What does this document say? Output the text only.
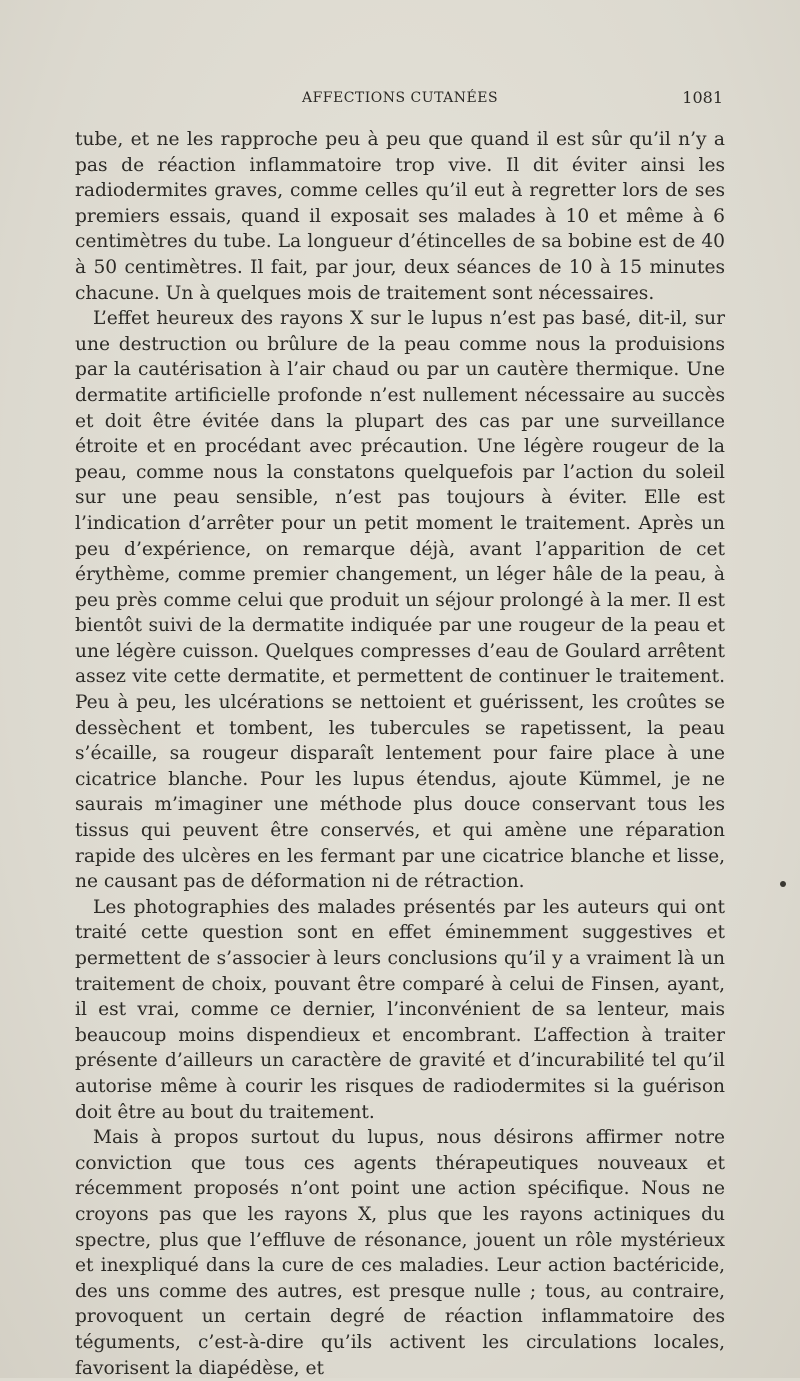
AFFECTIONS CUTANÉES	1081

tube, et ne les rapproche peu à peu que quand il est sûr qu’il n’y a pas de réaction inflammatoire trop vive. Il dit éviter ainsi les radiodermites graves, comme celles qu’il eut à regretter lors de ses premiers essais, quand il exposait ses malades à 10 et même à 6 centimètres du tube. La longueur d’étincelles de sa bobine est de 40 à 50 centimètres. Il fait, par jour, deux séances de 10 à 15 minutes chacune. Un à quelques mois de traitement sont nécessaires.

L’effet heureux des rayons X sur le lupus n’est pas basé, dit-il, sur une destruction ou brûlure de la peau comme nous la produisions par la cautérisation à l’air chaud ou par un cautère thermique. Une dermatite artificielle profonde n’est nullement nécessaire au succès et doit être évitée dans la plupart des cas par une surveillance étroite et en procédant avec précaution. Une légère rougeur de la peau, comme nous la constatons quelquefois par l’action du soleil sur une peau sensible, n’est pas toujours à éviter. Elle est l’indication d’arrêter pour un petit moment le traitement. Après un peu d’expérience, on remarque déjà, avant l’apparition de cet érythème, comme premier changement, un léger hâle de la peau, à peu près comme celui que produit un séjour prolongé à la mer. Il est bientôt suivi de la dermatite indiquée par une rougeur de la peau et une légère cuisson. Quelques compresses d’eau de Goulard arrêtent assez vite cette dermatite, et permettent de continuer le traitement. Peu à peu, les ulcérations se nettoient et guérissent, les croûtes se dessèchent et tombent, les tubercules se rapetissent, la peau s’écaille, sa rougeur disparaît lentement pour faire place à une cicatrice blanche. Pour les lupus étendus, ajoute Kümmel, je ne saurais m’imaginer une méthode plus douce conservant tous les tissus qui peuvent être conservés, et qui amène une réparation rapide des ulcères en les fermant par une cicatrice blanche et lisse, ne causant pas de déformation ni de rétraction.

Les photographies des malades présentés par les auteurs qui ont traité cette question sont en effet éminemment suggestives et permettent de s’associer à leurs conclusions qu’il y a vraiment là un traitement de choix, pouvant être comparé à celui de Finsen, ayant, il est vrai, comme ce dernier, l’inconvénient de sa lenteur, mais beaucoup moins dispendieux et encombrant. L’affection à traiter présente d’ailleurs un caractère de gravité et d’incurabilité tel qu’il autorise même à courir les risques de radiodermites si la guérison doit être au bout du traitement.

Mais à propos surtout du lupus, nous désirons affirmer notre conviction que tous ces agents thérapeutiques nouveaux et récemment proposés n’ont point une action spécifique. Nous ne croyons pas que les rayons X, plus que les rayons actiniques du spectre, plus que l’effluve de résonance, jouent un rôle mystérieux et inexpliqué dans la cure de ces maladies. Leur action bactéricide, des uns comme des autres, est presque nulle ; tous, au contraire, provoquent un certain degré de réaction inflammatoire des téguments, c’est-à-dire qu’ils activent les circulations locales, favorisent la diapédèse, et
